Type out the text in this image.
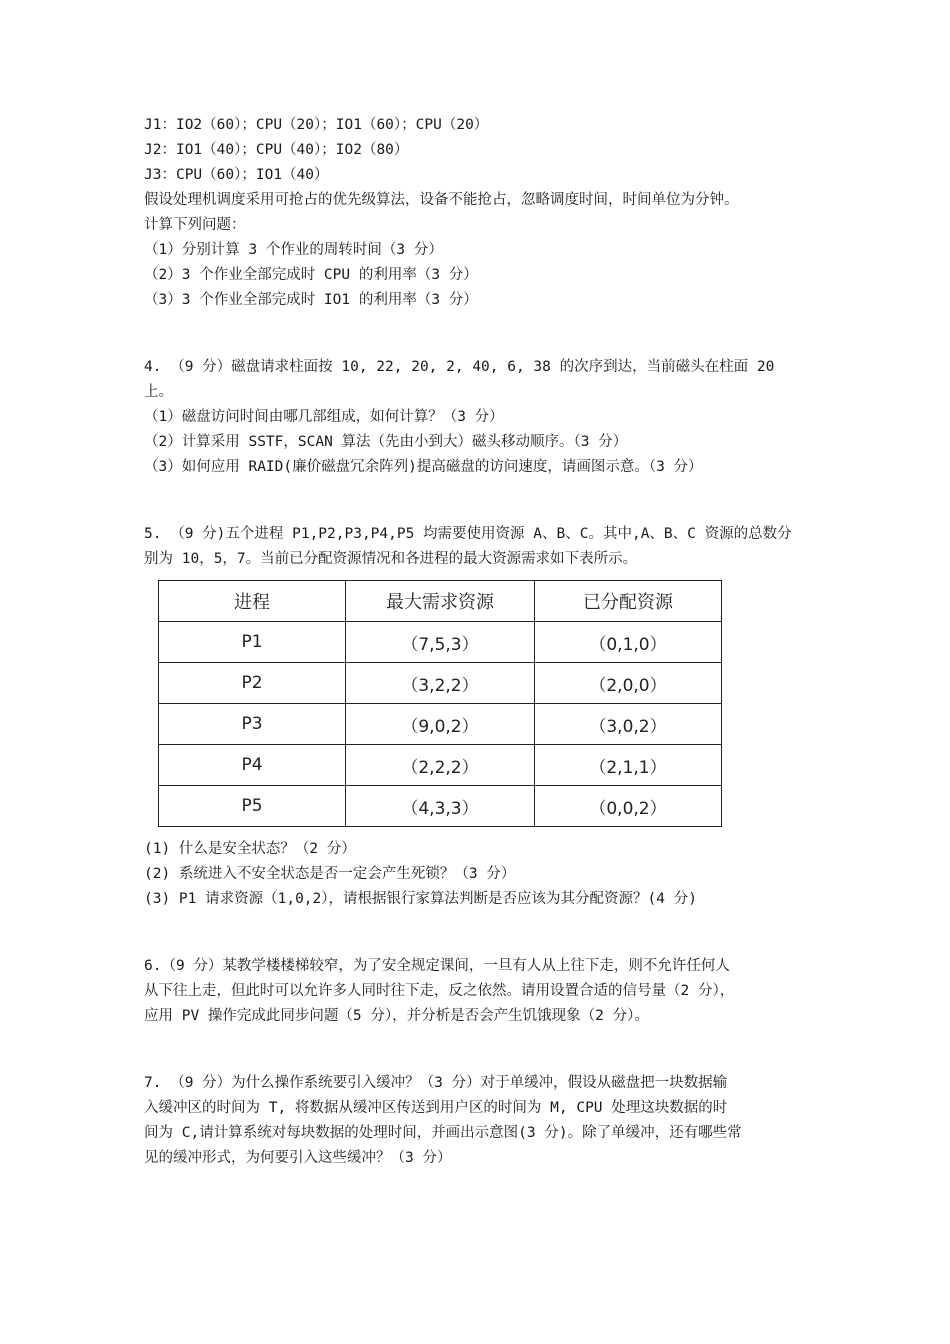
J1：IO2（60）；CPU（20）；IO1（60）；CPU（20）

J2：IO1（40）；CPU（40）；IO2（80）

J3：CPU（60）；IO1（40）

假设处理机调度采用可抢占的优先级算法，设备不能抢占，忽略调度时间，时间单位为分钟。

计算下列问题：

（1）分别计算 3 个作业的周转时间（3 分）

（2）3 个作业全部完成时 CPU 的利用率（3 分）

（3）3 个作业全部完成时 IO1 的利用率（3 分）

4. （9 分）磁盘请求柱面按 10, 22, 20, 2, 40, 6, 38 的次序到达，当前磁头在柱面 20

上。

（1）磁盘访问时间由哪几部组成，如何计算？（3 分）

（2）计算采用 SSTF，SCAN 算法（先由小到大）磁头移动顺序。（3 分）

（3）如何应用 RAID(廉价磁盘冗余阵列)提高磁盘的访问速度，请画图示意。（3 分）

5. （9 分)五个进程 P1,P2,P3,P4,P5 均需要使用资源 A、B、C。其中,A、B、C 资源的总数分

别为 10，5，7。当前已分配资源情况和各进程的最大资源需求如下表所示。

进程	最大需求资源	已分配资源
P1	（7,5,3）	（0,1,0）
P2	（3,2,2）	（2,0,0）
P3	（9,0,2）	（3,0,2）
P4	（2,2,2）	（2,1,1）
P5	（4,3,3）	（0,0,2）

(1) 什么是安全状态？（2 分）

(2) 系统进入不安全状态是否一定会产生死锁？（3 分）

(3) P1 请求资源（1,0,2），请根据银行家算法判断是否应该为其分配资源？(4 分)

6.（9 分）某教学楼楼梯较窄，为了安全规定课间，一旦有人从上往下走，则不允许任何人

从下往上走，但此时可以允许多人同时往下走，反之依然。请用设置合适的信号量（2 分），

应用 PV 操作完成此同步问题（5 分），并分析是否会产生饥饿现象（2 分）。

7. （9 分）为什么操作系统要引入缓冲？（3 分）对于单缓冲，假设从磁盘把一块数据输

入缓冲区的时间为 T, 将数据从缓冲区传送到用户区的时间为 M, CPU 处理这块数据的时

间为 C,请计算系统对每块数据的处理时间，并画出示意图(3 分)。除了单缓冲，还有哪些常

见的缓冲形式，为何要引入这些缓冲？（3 分）
